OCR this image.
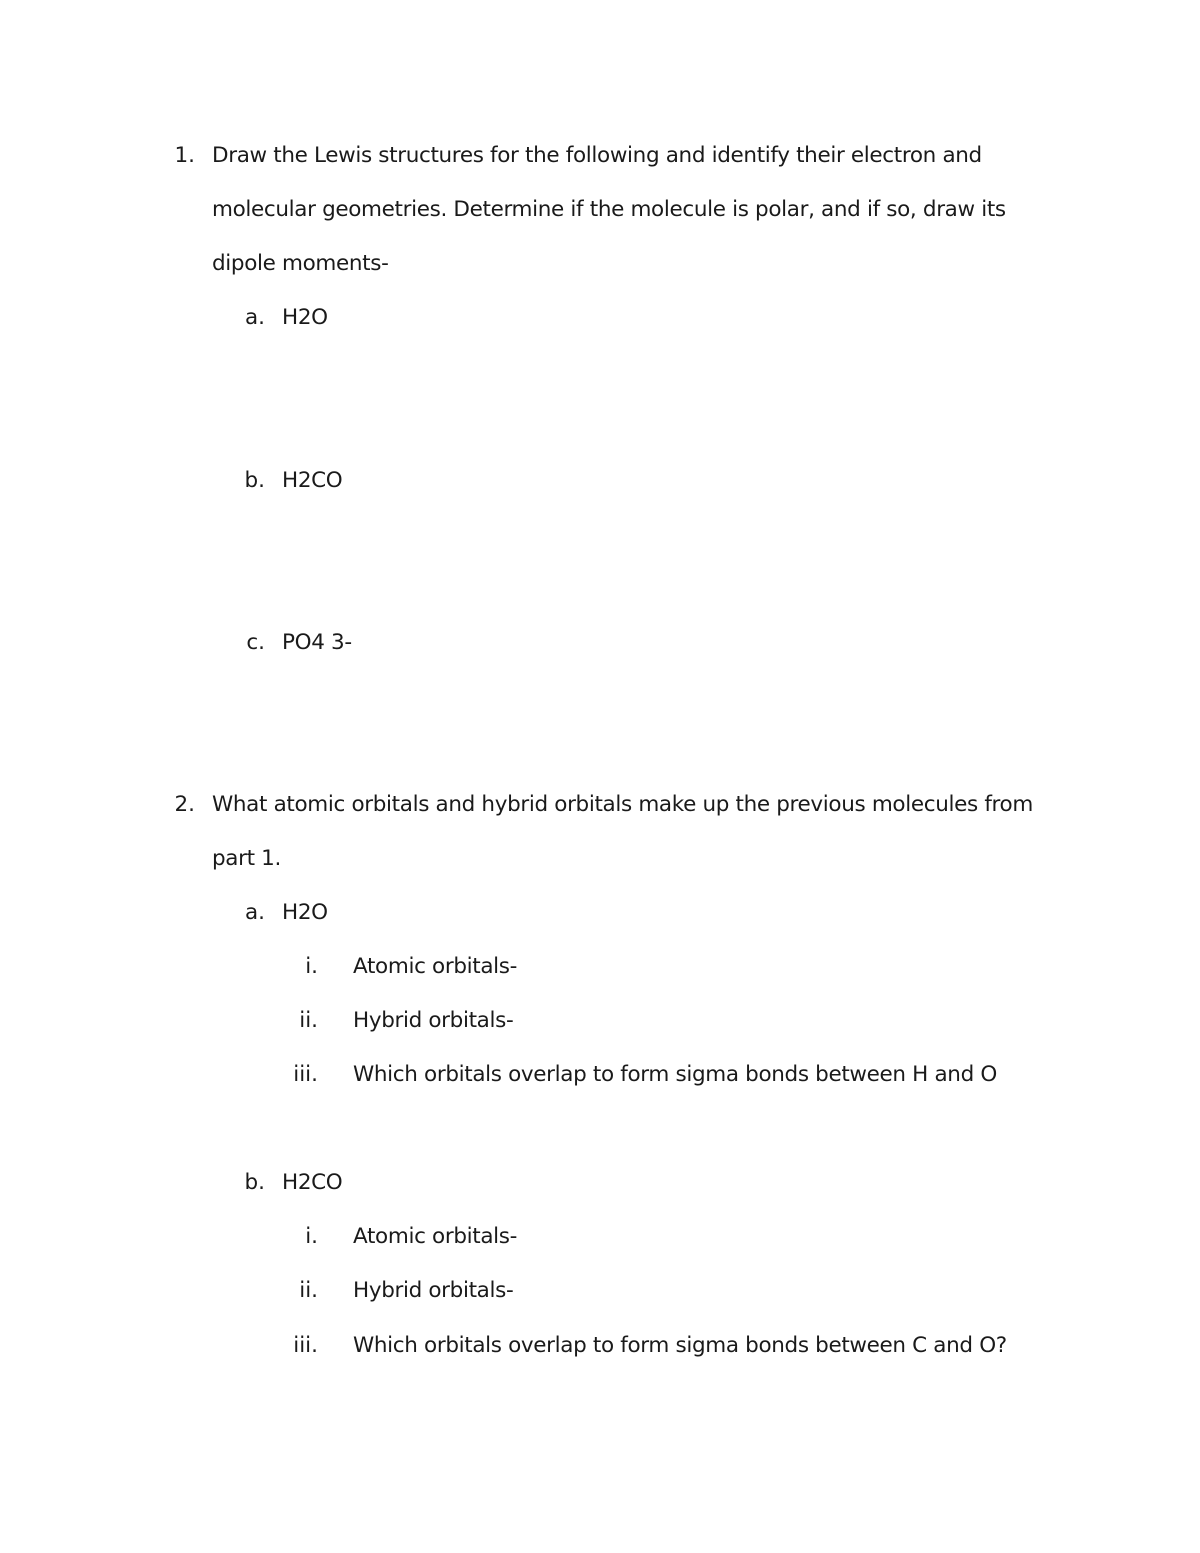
1. Draw the Lewis structures for the following and identify their electron and
molecular geometries. Determine if the molecule is polar, and if so, draw its
dipole moments-
a. H2O
b. H2CO
c. PO4 3-
2. What atomic orbitals and hybrid orbitals make up the previous molecules from
part 1.
a. H2O
i. Atomic orbitals-
ii. Hybrid orbitals-
iii. Which orbitals overlap to form sigma bonds between H and O
b. H2CO
i. Atomic orbitals-
ii. Hybrid orbitals-
iii. Which orbitals overlap to form sigma bonds between C and O?
